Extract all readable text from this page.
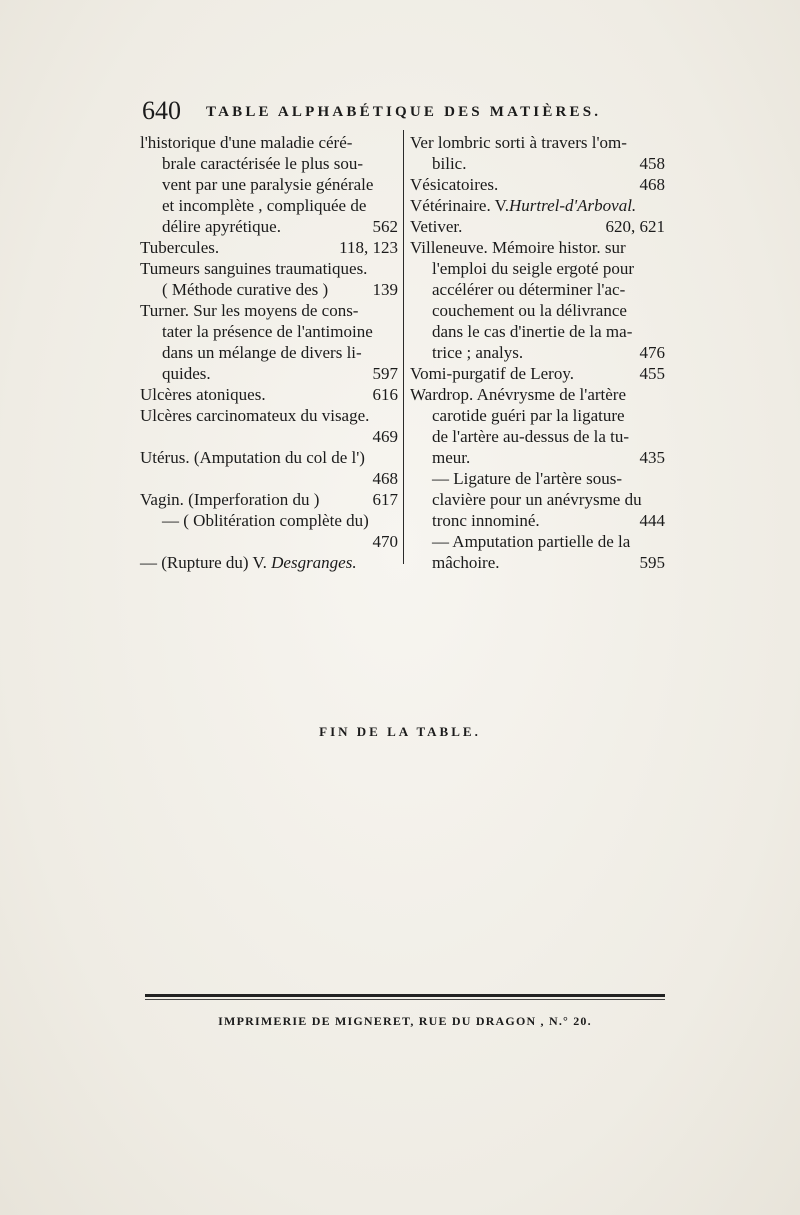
640 TABLE ALPHABÉTIQUE DES MATIÈRES.
l'historique d'une maladie céré-
brale caractérisée le plus sou-
vent par une paralysie générale
et incomplète , compliquée de
délire apyrétique.	562
Tubercules.	118, 123
Tumeurs sanguines traumatiques.
( Méthode curative des )	139
Turner. Sur les moyens de cons-
tater la présence de l'antimoine
dans un mélange de divers li-
quides.	597
Ulcères atoniques.	616
Ulcères carcinomateux du visage.
469
Utérus. (Amputation du col de l')
468
Vagin. (Imperforation du )	617
— ( Oblitération complète du)
470
— (Rupture du) V. Desgranges.
Ver lombric sorti à travers l'om-
bilic.	458
Vésicatoires.	468
Vétérinaire. V.Hurtrel-d'Arboval.
Vetiver.	620, 621
Villeneuve. Mémoire histor. sur
l'emploi du seigle ergoté pour
accélérer ou déterminer l'ac-
couchement ou la délivrance
dans le cas d'inertie de la ma-
trice ; analys.	476
Vomi-purgatif de Leroy.	455
Wardrop. Anévrysme de l'artère
carotide guéri par la ligature
de l'artère au-dessus de la tu-
meur.	435
— Ligature de l'artère sous-
clavière pour un anévrysme du
tronc innominé.	444
— Amputation partielle de la
mâchoire.	595
FIN DE LA TABLE.
IMPRIMERIE DE MIGNERET, RUE DU DRAGON , N.° 20.
